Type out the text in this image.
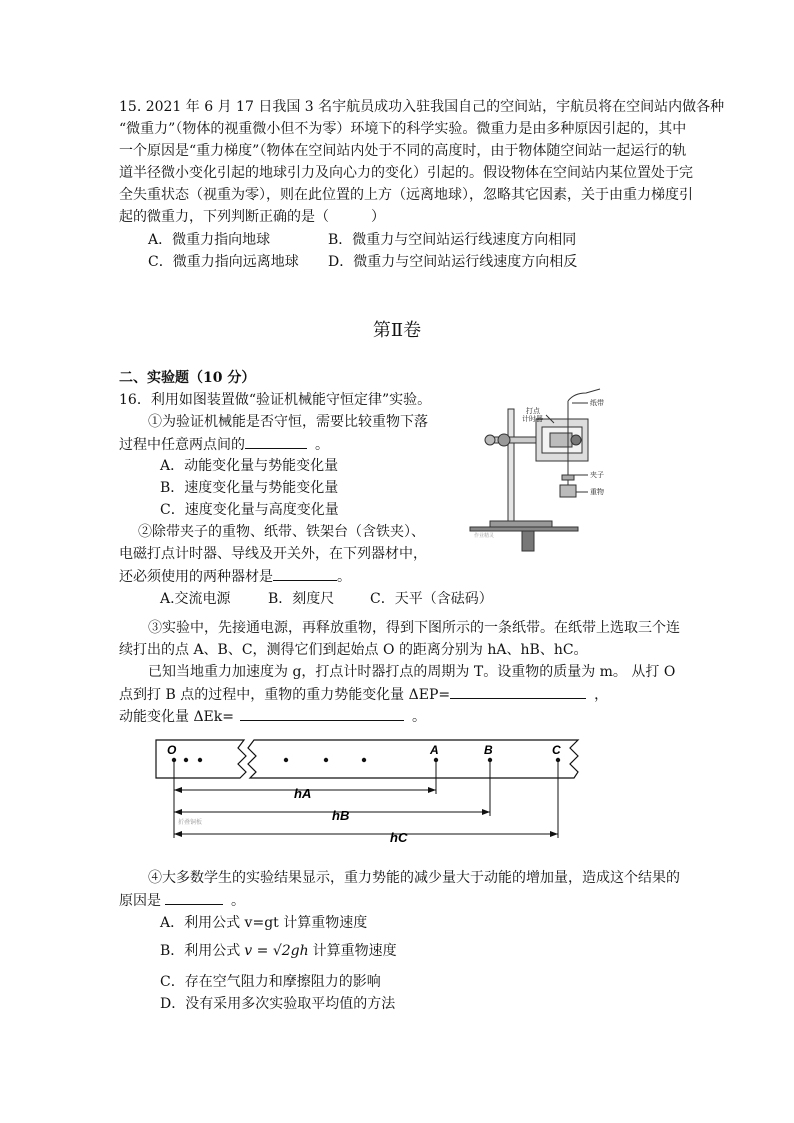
15. 2021 年 6 月 17 日我国 3 名宇航员成功入驻我国自己的空间站，宇航员将在空间站内做各种
“微重力”（物体的视重微小但不为零）环境下的科学实验。微重力是由多种原因引起的，其中
一个原因是“重力梯度”（物体在空间站内处于不同的高度时，由于物体随空间站一起运行的轨
道半径微小变化引起的地球引力及向心力的变化）引起的。假设物体在空间站内某位置处于完
全失重状态（视重为零），则在此位置的上方（远离地球），忽略其它因素，关于由重力梯度引
起的微重力，下列判断正确的是（　　　）
A．微重力指向地球	B．微重力与空间站运行线速度方向相同
C．微重力指向远离地球 D．微重力与空间站运行线速度方向相反
第Ⅱ卷
二、实验题（10 分）
16．利用如图装置做“验证机械能守恒定律”实验。
①为验证机械能是否守恒，需要比较重物下落
过程中任意两点间的	。
A．动能变化量与势能变化量
B．速度变化量与势能变化量
C．速度变化量与高度变化量
②除带夹子的重物、纸带、铁架台（含铁夹）、
电磁打点计时器、导线及开关外，在下列器材中，
还必须使用的两种器材是	。
A.交流电源	B．刻度尺	C．天平（含砝码）
打点
计时器
纸带
夹子
重物
作业精灵
③实验中，先接通电源，再释放重物，得到下图所示的一条纸带。在纸带上选取三个连
续打出的点 A、B、C，测得它们到起始点 O 的距离分别为 hA、hB、hC。
已知当地重力加速度为 g，打点计时器打点的周期为 T。设重物的质量为 m。 从打 O
点到打 B 点的过程中，重物的重力势能变化量 ΔEP=	，
动能变化量 ΔEk=	。
O	A	B	C
hA
hB
hC
折叠铜板
④大多数学生的实验结果显示，重力势能的减少量大于动能的增加量，造成这个结果的
原因是	。
A．利用公式 v=gt 计算重物速度
B．利用公式 v = √2gh 计算重物速度
C．存在空气阻力和摩擦阻力的影响
D．没有采用多次实验取平均值的方法
